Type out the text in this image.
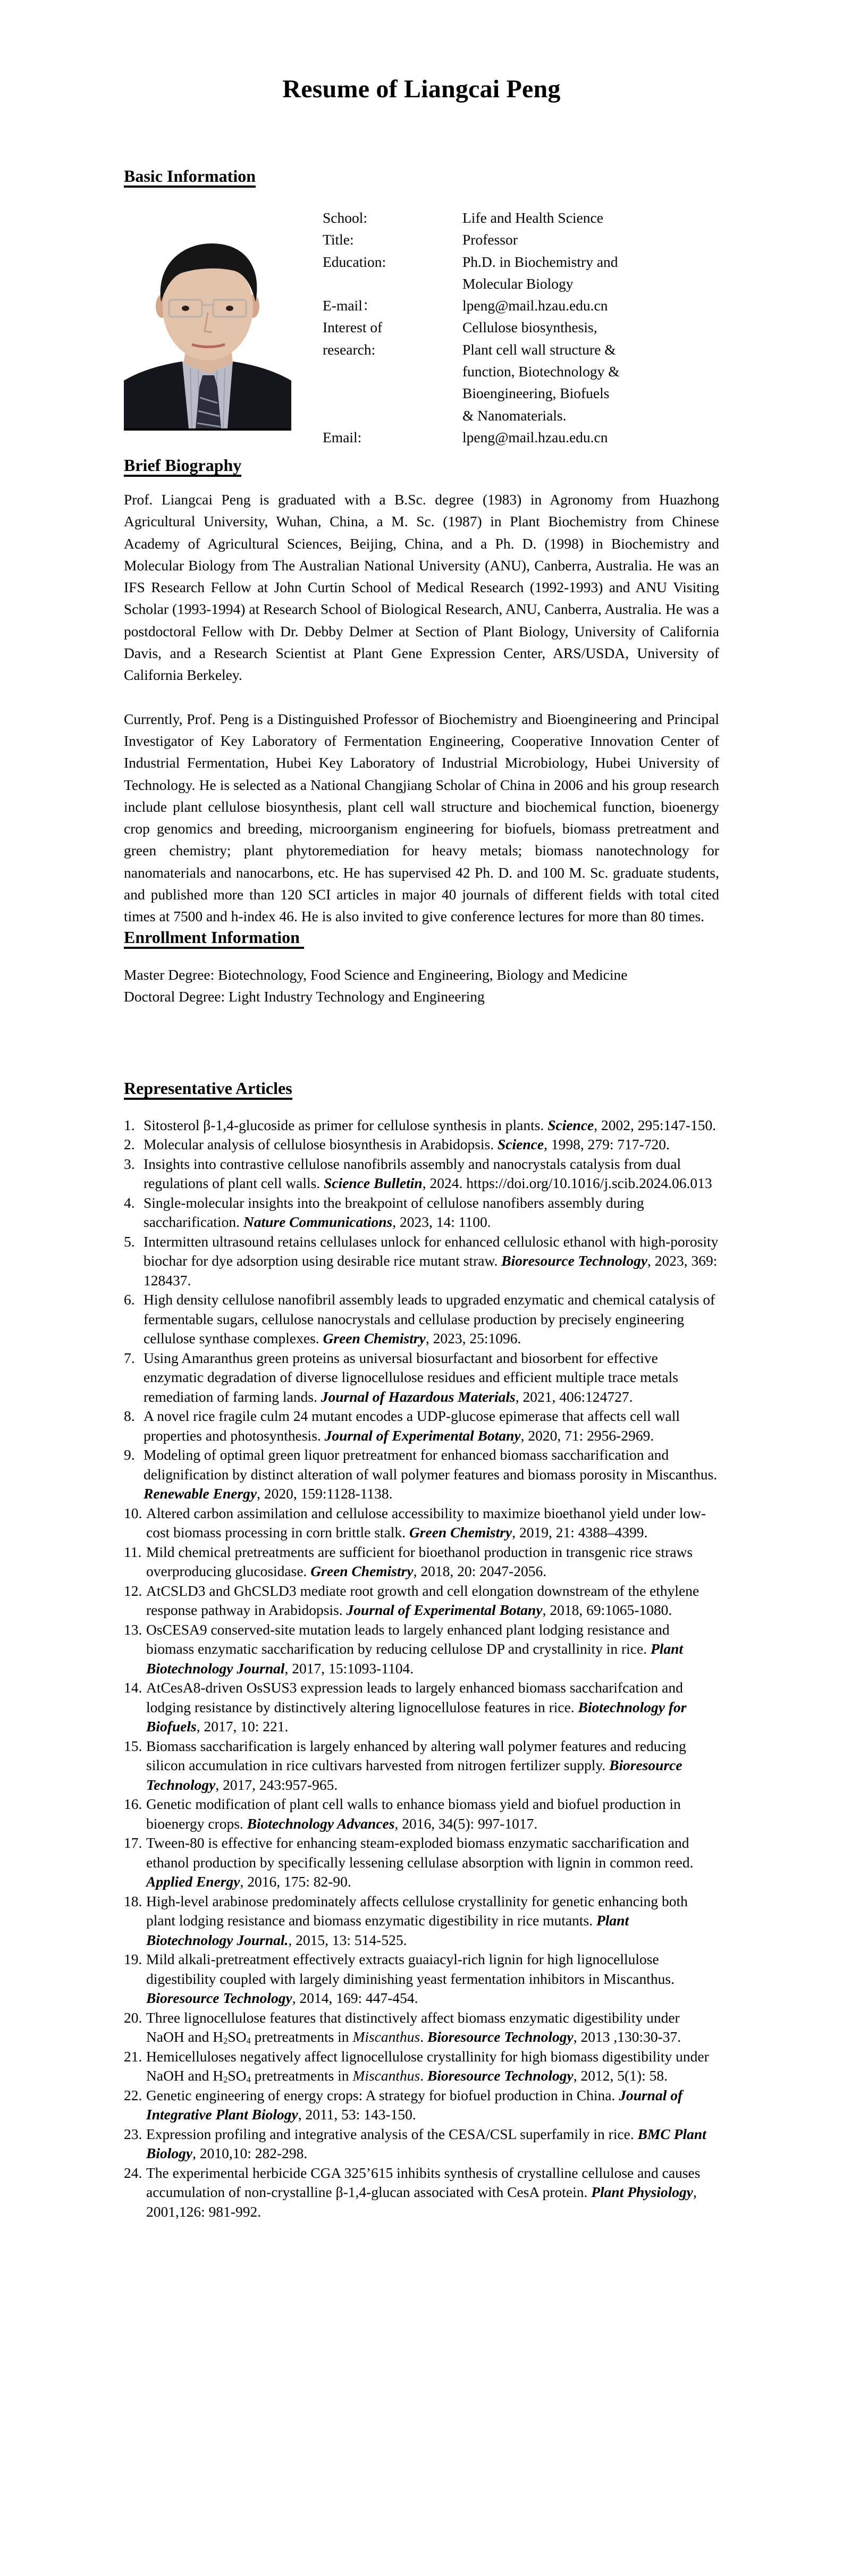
Resume of Liangcai Peng
Basic Information
School:	Life and Health Science
Title:	Professor
Education:	Ph.D. in Biochemistry and Molecular Biology
E-mail：	lpeng@mail.hzau.edu.cn
Interest of research:
Cellulose biosynthesis, Plant cell wall structure & function, Biotechnology & Bioengineering, Biofuels & Nanomaterials.
Email:	lpeng@mail.hzau.edu.cn
Brief Biography

Prof. Liangcai Peng is graduated with a B.Sc. degree (1983) in Agronomy from Huazhong Agricultural University, Wuhan, China, a M. Sc. (1987) in Plant Biochemistry from Chinese Academy of Agricultural Sciences, Beijing, China, and a Ph. D. (1998) in Biochemistry and Molecular Biology from The Australian National University (ANU), Canberra, Australia. He was an IFS Research Fellow at John Curtin School of Medical Research (1992-1993) and ANU Visiting Scholar (1993-1994) at Research School of Biological Research, ANU, Canberra, Australia. He was a postdoctoral Fellow with Dr. Debby Delmer at Section of Plant Biology, University of California Davis, and a Research Scientist at Plant Gene Expression Center, ARS/USDA, University of California Berkeley.

Currently, Prof. Peng is a Distinguished Professor of Biochemistry and Bioengineering and Principal Investigator of Key Laboratory of Fermentation Engineering, Cooperative Innovation Center of Industrial Fermentation, Hubei Key Laboratory of Industrial Microbiology, Hubei University of Technology. He is selected as a National Changjiang Scholar of China in 2006 and his group research include plant cellulose biosynthesis, plant cell wall structure and biochemical function, bioenergy crop genomics and breeding, microorganism engineering for biofuels, biomass pretreatment and green chemistry; plant phytoremediation for heavy metals; biomass nanotechnology for nanomaterials and nanocarbons, etc. He has supervised 42 Ph. D. and 100 M. Sc. graduate students, and published more than 120 SCI articles in major 40 journals of different fields with total cited times at 7500 and h-index 46. He is also invited to give conference lectures for more than 80 times.

Enrollment Information
Master Degree: Biotechnology, Food Science and Engineering, Biology and Medicine
Doctoral Degree: Light Industry Technology and Engineering
Representative Articles
1. Sitosterol β-1,4-glucoside as primer for cellulose synthesis in plants. Science, 2002, 295:147-150.
2. Molecular analysis of cellulose biosynthesis in Arabidopsis. Science, 1998, 279: 717-720.
3. Insights into contrastive cellulose nanofibrils assembly and nanocrystals catalysis from dual regulations of plant cell walls. Science Bulletin, 2024. https://doi.org/10.1016/j.scib.2024.06.013
4. Single-molecular insights into the breakpoint of cellulose nanofibers assembly during saccharification. Nature Communications, 2023, 14: 1100.
5. Intermitten ultrasound retains cellulases unlock for enhanced cellulosic ethanol with high-porosity biochar for dye adsorption using desirable rice mutant straw. Bioresource Technology, 2023, 369: 128437.
6. High density cellulose nanofibril assembly leads to upgraded enzymatic and chemical catalysis of fermentable sugars, cellulose nanocrystals and cellulase production by precisely engineering cellulose synthase complexes. Green Chemistry, 2023, 25:1096.
7. Using Amaranthus green proteins as universal biosurfactant and biosorbent for effective enzymatic degradation of diverse lignocellulose residues and efficient multiple trace metals remediation of farming lands. Journal of Hazardous Materials, 2021, 406:124727.
8. A novel rice fragile culm 24 mutant encodes a UDP-glucose epimerase that affects cell wall properties and photosynthesis. Journal of Experimental Botany, 2020, 71: 2956-2969.
9. Modeling of optimal green liquor pretreatment for enhanced biomass saccharification and delignification by distinct alteration of wall polymer features and biomass porosity in Miscanthus. Renewable Energy, 2020, 159:1128-1138.
10. Altered carbon assimilation and cellulose accessibility to maximize bioethanol yield under low-cost biomass processing in corn brittle stalk. Green Chemistry, 2019, 21: 4388–4399.
11. Mild chemical pretreatments are sufficient for bioethanol production in transgenic rice straws overproducing glucosidase. Green Chemistry, 2018, 20: 2047-2056.
12. AtCSLD3 and GhCSLD3 mediate root growth and cell elongation downstream of the ethylene response pathway in Arabidopsis. Journal of Experimental Botany, 2018, 69:1065-1080.
13. OsCESA9 conserved-site mutation leads to largely enhanced plant lodging resistance and biomass enzymatic saccharification by reducing cellulose DP and crystallinity in rice. Plant Biotechnology Journal, 2017, 15:1093-1104.
14. AtCesA8-driven OsSUS3 expression leads to largely enhanced biomass saccharifcation and lodging resistance by distinctively altering lignocellulose features in rice. Biotechnology for Biofuels, 2017, 10: 221.
15. Biomass saccharification is largely enhanced by altering wall polymer features and reducing silicon accumulation in rice cultivars harvested from nitrogen fertilizer supply. Bioresource Technology, 2017, 243:957-965.
16. Genetic modification of plant cell walls to enhance biomass yield and biofuel production in bioenergy crops. Biotechnology Advances, 2016, 34(5): 997-1017.
17. Tween-80 is effective for enhancing steam-exploded biomass enzymatic saccharification and ethanol production by specifically lessening cellulase absorption with lignin in common reed. Applied Energy, 2016, 175: 82-90.
18. High-level arabinose predominately affects cellulose crystallinity for genetic enhancing both plant lodging resistance and biomass enzymatic digestibility in rice mutants. Plant Biotechnology Journal., 2015, 13: 514-525.
19. Mild alkali-pretreatment effectively extracts guaiacyl-rich lignin for high lignocellulose digestibility coupled with largely diminishing yeast fermentation inhibitors in Miscanthus. Bioresource Technology, 2014, 169: 447-454.
20. Three lignocellulose features that distinctively affect biomass enzymatic digestibility under NaOH and $H_2SO_4$ pretreatments in Miscanthus. Bioresource Technology, 2013 ,130:30-37.
21. Hemicelluloses negatively affect lignocellulose crystallinity for high biomass digestibility under NaOH and $H_2SO_4$ pretreatments in Miscanthus. Bioresource Technology, 2012, 5(1): 58.
22. Genetic engineering of energy crops: A strategy for biofuel production in China. Journal of Integrative Plant Biology, 2011, 53: 143-150.
23. Expression profiling and integrative analysis of the CESA/CSL superfamily in rice. BMC Plant Biology, 2010,10: 282-298.
24. The experimental herbicide CGA 325’615 inhibits synthesis of crystalline cellulose and causes accumulation of non-crystalline β-1,4-glucan associated with CesA protein. Plant Physiology, 2001,126: 981-992.
